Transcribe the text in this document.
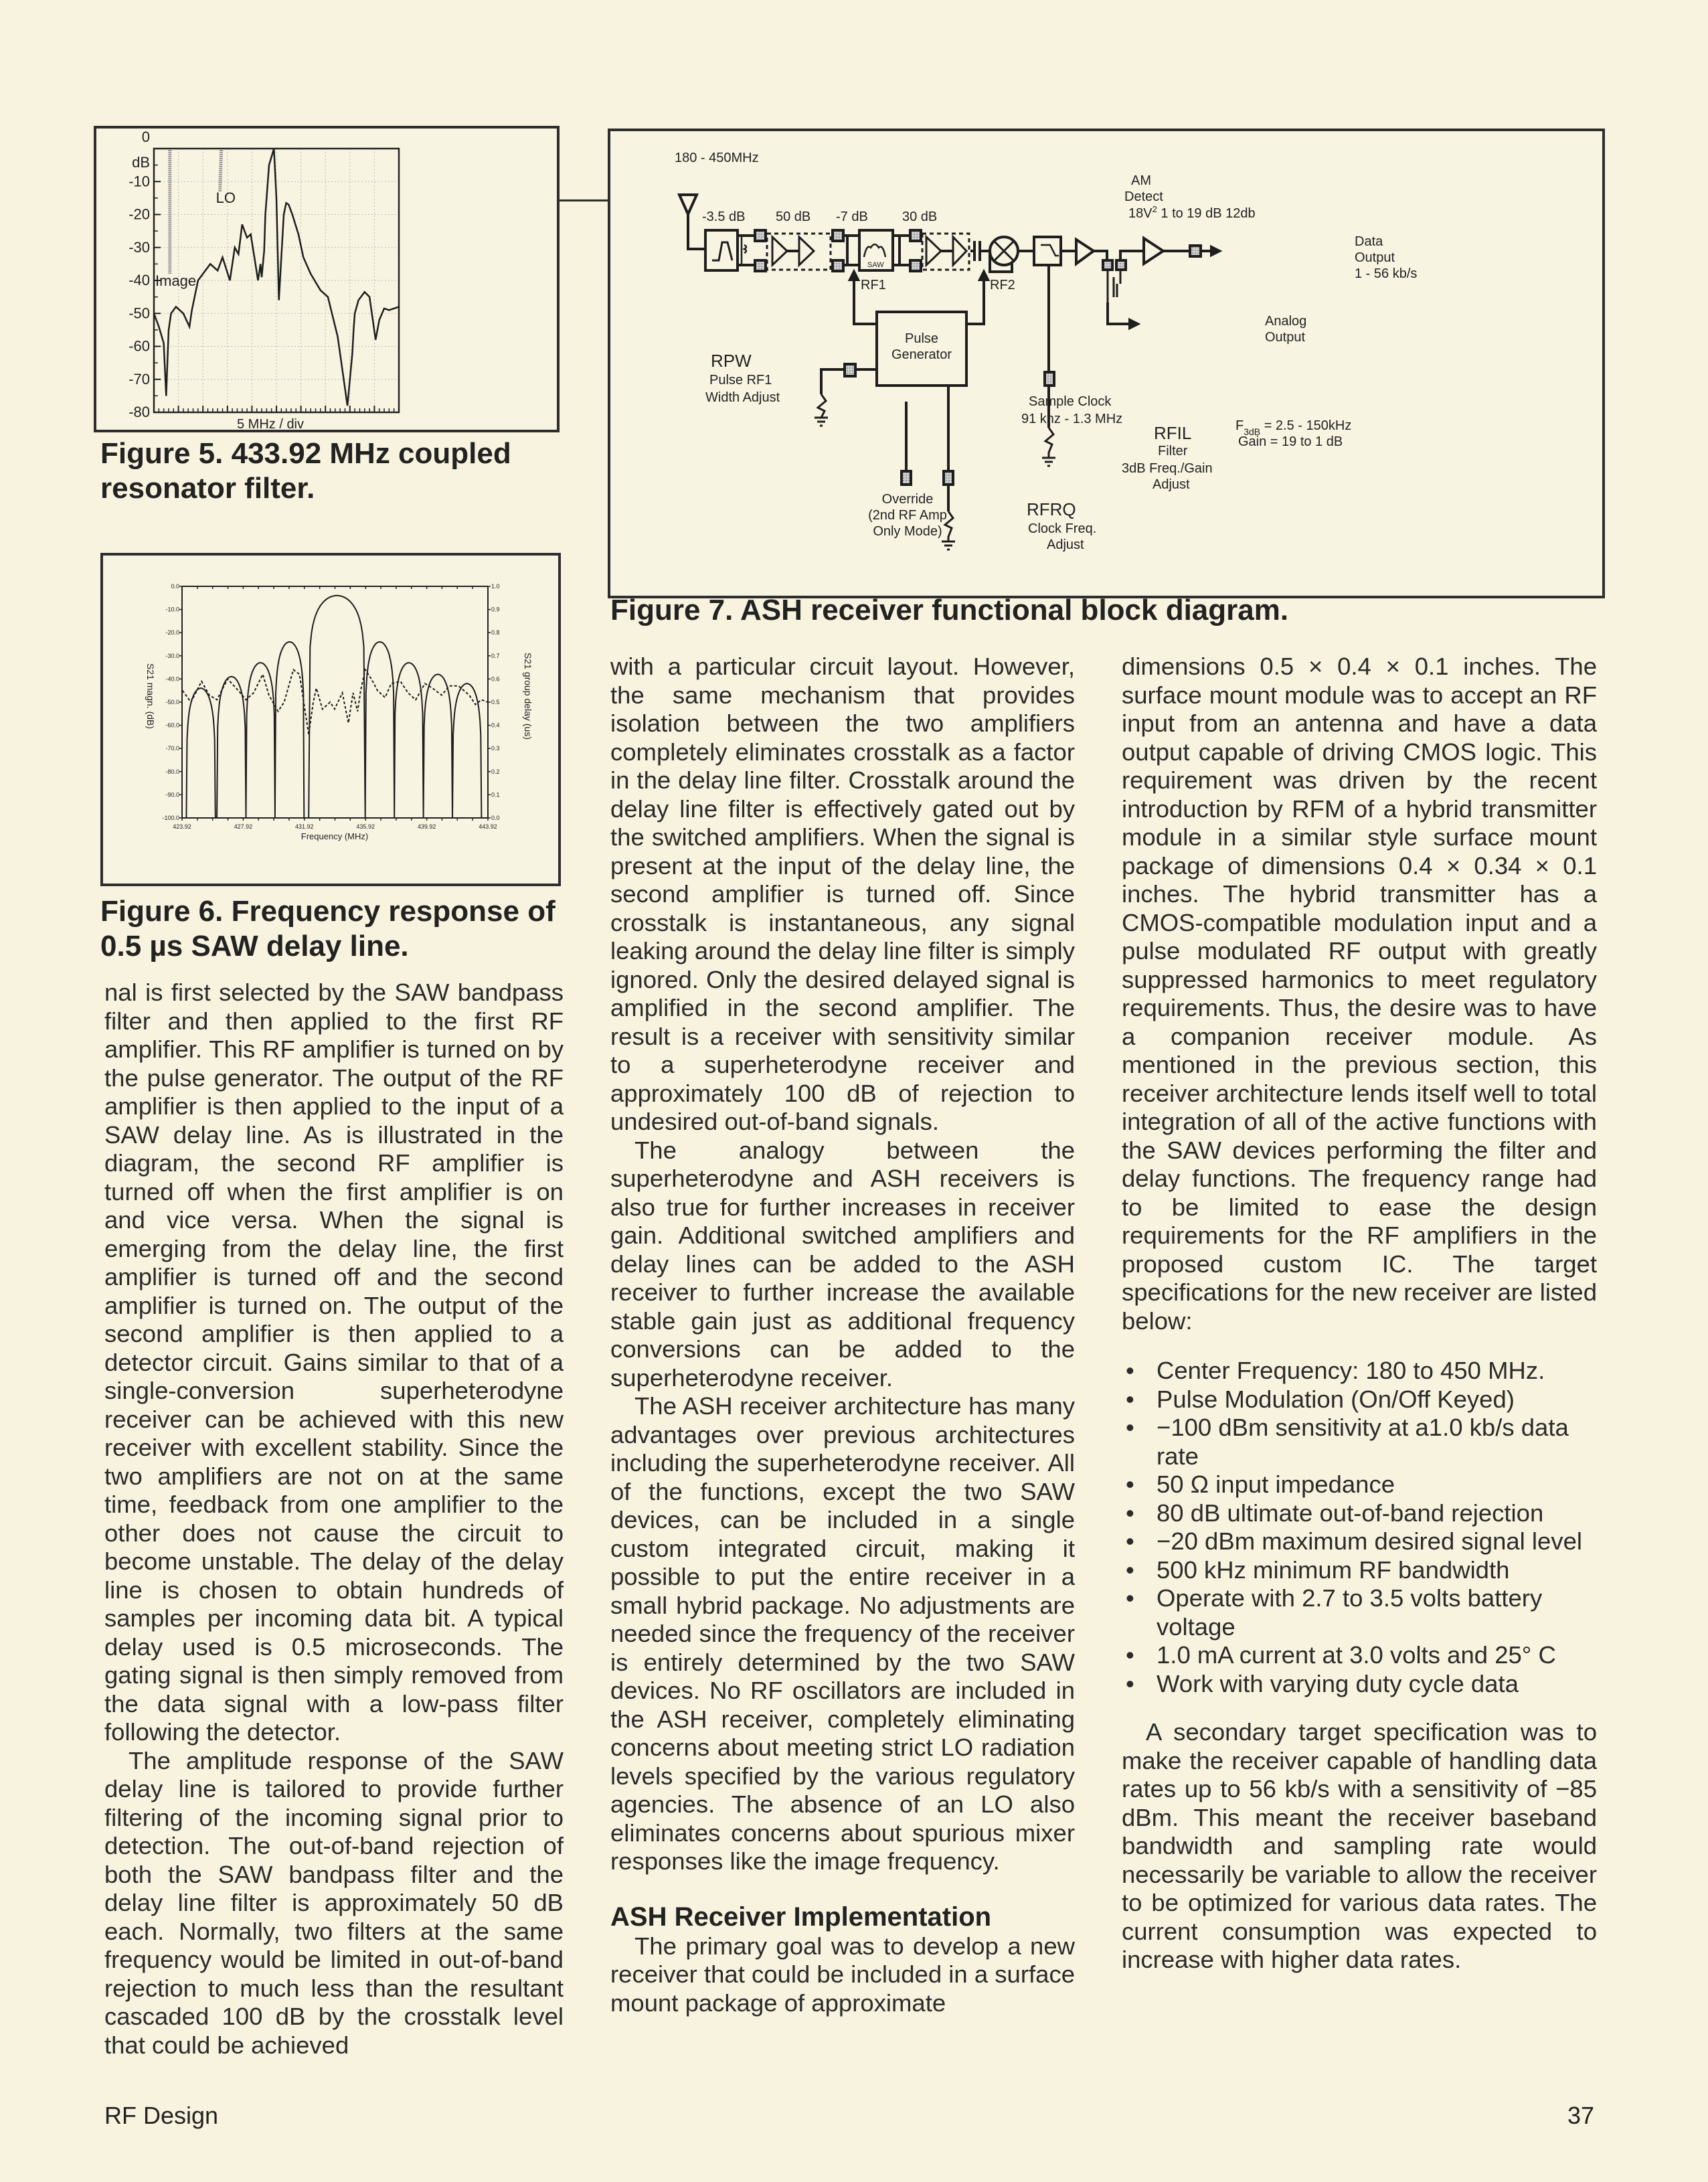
0
-10
-20
-30
-40
-50
-60
-70
-80
dB
Image
LO
5 MHz / div
Figure 5. 433.92 MHz coupled resonator filter.
0.0
-10.0
-20.0
-30.0
-40.0
-50.0
-60.0
-70.0
-80.0
-90.0
-100.0
1.0
0.9
0.8
0.7
0.6
0.5
0.4
0.3
0.2
0.1
0.0
423.92	427.92	431.92	435.92	439.92	443.92
S21 magn. (dB)	S21 group delay (us)
Frequency (MHz)
Figure 6. Frequency response of 0.5 µs SAW delay line.
180 - 450MHz
-3.5 dB 50 dB -7 dB	30 dB
SAW
RF1	RF2
AM
Detect
$18V^2$ 1 to 19 dB 12db
Data
Output
1 - 56 kb/s
Analog
Output
Pulse
Generator
RPW
Pulse RF1
Width Adjust	Sample Clock
91 khz - 1.3 MHz
RFIL
Filter
3dB Freq./Gain
Adjust
$F_{3dB} = 2.5 - 150kHz$
Gain = 19 to 1 dB
Override
(2nd RF Amp
Only Mode)
RFRQ
Clock Freq.
Adjust
Figure 7. ASH receiver functional block diagram.

nal is first selected by the SAW bandpass filter and then applied to the first RF amplifier. This RF amplifier is turned on by the pulse generator. The output of the RF amplifier is then applied to the input of a SAW delay line. As is illustrated in the diagram, the second RF amplifier is turned off when the first amplifier is on and vice versa. When the signal is emerging from the delay line, the first amplifier is turned off and the second amplifier is turned on. The output of the second amplifier is then applied to a detector circuit. Gains similar to that of a single-conversion superheterodyne receiver can be achieved with this new receiver with excellent stability. Since the two amplifiers are not on at the same time, feedback from one amplifier to the other does not cause the circuit to become unstable. The delay of the delay line is chosen to obtain hundreds of samples per incoming data bit. A typical delay used is 0.5 microseconds. The gating signal is then simply removed from the data signal with a low-pass filter following the detector.

The amplitude response of the SAW delay line is tailored to provide further filtering of the incoming signal prior to detection. The out-of-band rejection of both the SAW bandpass filter and the delay line filter is approximately 50 dB each. Normally, two filters at the same frequency would be limited in out-of-band rejection to much less than the resultant cascaded 100 dB by the crosstalk level that could be achieved

with a particular circuit layout. However, the same mechanism that provides isolation between the two amplifiers completely eliminates crosstalk as a factor in the delay line filter. Crosstalk around the delay line filter is effectively gated out by the switched amplifiers. When the signal is present at the input of the delay line, the second amplifier is turned off. Since crosstalk is instantaneous, any signal leaking around the delay line filter is simply ignored. Only the desired delayed signal is amplified in the second amplifier. The result is a receiver with sensitivity similar to a superheterodyne receiver and approximately 100 dB of rejection to undesired out-of-band signals.

The analogy between the superheterodyne and ASH receivers is also true for further increases in receiver gain. Additional switched amplifiers and delay lines can be added to the ASH receiver to further increase the available stable gain just as additional frequency conversions can be added to the superheterodyne receiver.

The ASH receiver architecture has many advantages over previous architectures including the superheterodyne receiver. All of the functions, except the two SAW devices, can be included in a single custom integrated circuit, making it possible to put the entire receiver in a small hybrid package. No adjustments are needed since the frequency of the receiver is entirely determined by the two SAW devices. No RF oscillators are included in the ASH receiver, completely eliminating concerns about meeting strict LO radiation levels specified by the various regulatory agencies. The absence of an LO also eliminates concerns about spurious mixer responses like the image frequency.

ASH Receiver Implementation

The primary goal was to develop a new receiver that could be included in a surface mount package of approximate

dimensions 0.5 × 0.4 × 0.1 inches. The surface mount module was to accept an RF input from an antenna and have a data output capable of driving CMOS logic. This requirement was driven by the recent introduction by RFM of a hybrid transmitter module in a similar style surface mount package of dimensions 0.4 × 0.34 × 0.1 inches. The hybrid transmitter has a CMOS-compatible modulation input and a pulse modulated RF output with greatly suppressed harmonics to meet regulatory requirements. Thus, the desire was to have a companion receiver module. As mentioned in the previous section, this receiver architecture lends itself well to total integration of all of the active functions with the SAW devices performing the filter and delay functions. The frequency range had to be limited to ease the design requirements for the RF amplifiers in the proposed custom IC. The target specifications for the new receiver are listed below:

• Center Frequency: 180 to 450 MHz.
• Pulse Modulation (On/Off Keyed)
• −100 dBm sensitivity at a1.0 kb/s data rate
• 50 Ω input impedance
• 80 dB ultimate out-of-band rejection
• −20 dBm maximum desired signal level
• 500 kHz minimum RF bandwidth
• Operate with 2.7 to 3.5 volts battery voltage
• 1.0 mA current at 3.0 volts and 25° C
• Work with varying duty cycle data

A secondary target specification was to make the receiver capable of handling data rates up to 56 kb/s with a sensitivity of −85 dBm. This meant the receiver baseband bandwidth and sampling rate would necessarily be variable to allow the receiver to be optimized for various data rates. The current consumption was expected to increase with higher data rates.

RF Design	37
